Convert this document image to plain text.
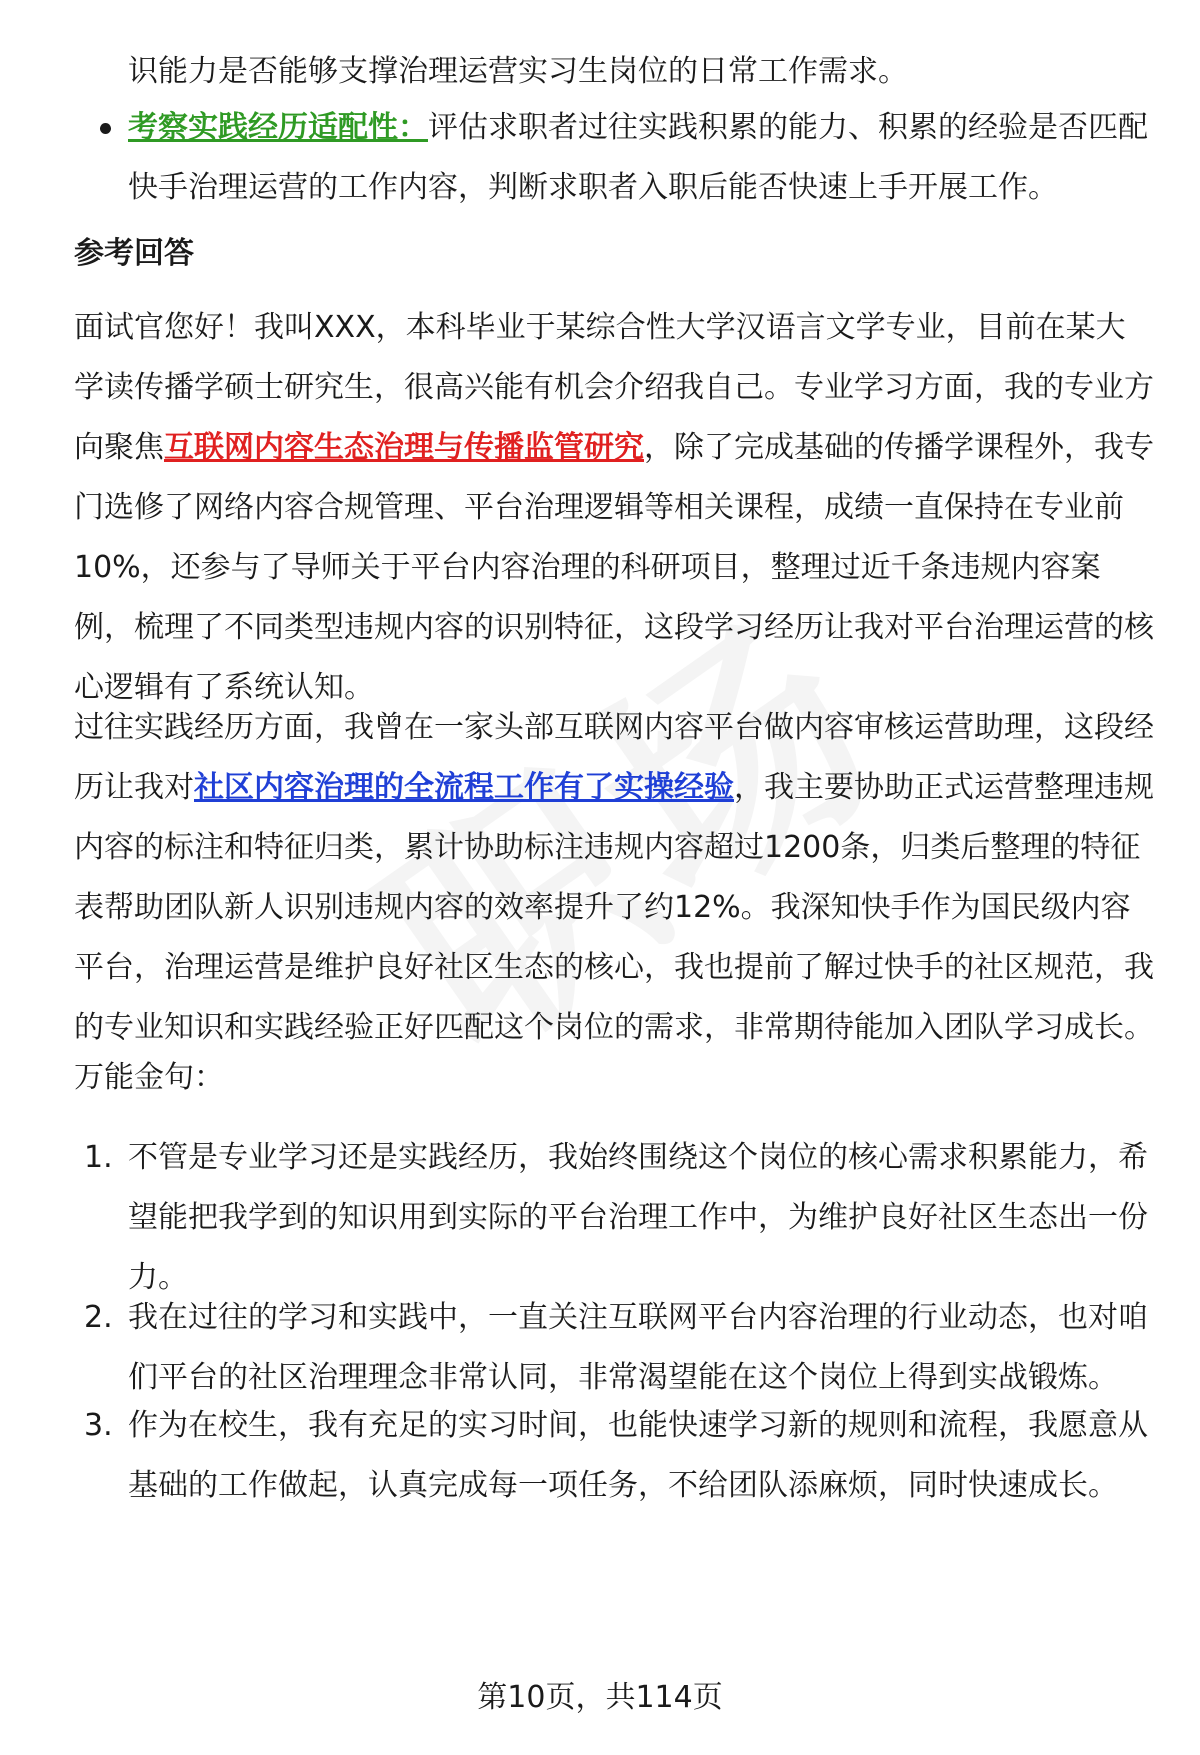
识能力是否能够支撑治理运营实习生岗位的日常工作需求。

考察实践经历适配性：评估求职者过往实践积累的能力、积累的经验是否匹配快手治理运营的工作内容，判断求职者入职后能否快速上手开展工作。
参考回答

面试官您好！我叫XXX，本科毕业于某综合性大学汉语言文学专业，目前在某大学读传播学硕士研究生，很高兴能有机会介绍我自己。专业学习方面，我的专业方向聚焦互联网内容生态治理与传播监管研究，除了完成基础的传播学课程外，我专门选修了网络内容合规管理、平台治理逻辑等相关课程，成绩一直保持在专业前10%，还参与了导师关于平台内容治理的科研项目，整理过近千条违规内容案例，梳理了不同类型违规内容的识别特征，这段学习经历让我对平台治理运营的核心逻辑有了系统认知。

过往实践经历方面，我曾在一家头部互联网内容平台做内容审核运营助理，这段经历让我对社区内容治理的全流程工作有了实操经验，我主要协助正式运营整理违规内容的标注和特征归类，累计协助标注违规内容超过1200条，归类后整理的特征表帮助团队新人识别违规内容的效率提升了约12%。我深知快手作为国民级内容平台，治理运营是维护良好社区生态的核心，我也提前了解过快手的社区规范，我的专业知识和实践经验正好匹配这个岗位的需求，非常期待能加入团队学习成长。

万能金句：
1. 不管是专业学习还是实践经历，我始终围绕这个岗位的核心需求积累能力，希望能把我学到的知识用到实际的平台治理工作中，为维护良好社区生态出一份力。
2. 我在过往的学习和实践中，一直关注互联网平台内容治理的行业动态，也对咱们平台的社区治理理念非常认同，非常渴望能在这个岗位上得到实战锻炼。
3. 作为在校生，我有充足的实习时间，也能快速学习新的规则和流程，我愿意从基础的工作做起，认真完成每一项任务，不给团队添麻烦，同时快速成长。
第10页，共114页
